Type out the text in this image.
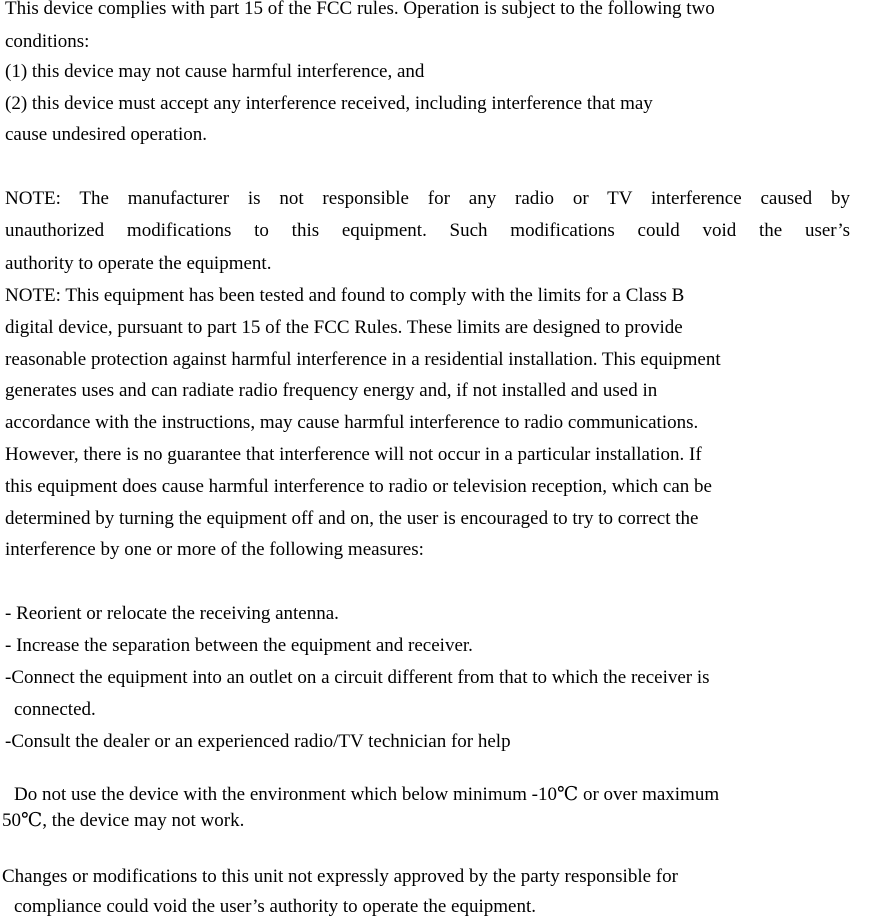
This device complies with part 15 of the FCC rules. Operation is subject to the following two
conditions:
(1) this device may not cause harmful interference, and
(2) this device must accept any interference received, including interference that may
cause undesired operation.
NOTE: The manufacturer is not responsible for any radio or TV interference caused by
unauthorized modifications to this equipment. Such modifications could void the user’s
authority to operate the equipment.
NOTE: This equipment has been tested and found to comply with the limits for a Class B
digital device, pursuant to part 15 of the FCC Rules. These limits are designed to provide
reasonable protection against harmful interference in a residential installation. This equipment
generates uses and can radiate radio frequency energy and, if not installed and used in
accordance with the instructions, may cause harmful interference to radio communications.
However, there is no guarantee that interference will not occur in a particular installation. If
this equipment does cause harmful interference to radio or television reception, which can be
determined by turning the equipment off and on, the user is encouraged to try to correct the
interference by one or more of the following measures:
- Reorient or relocate the receiving antenna.
- Increase the separation between the equipment and receiver.
-Connect the equipment into an outlet on a circuit different from that to which the receiver is
connected.
-Consult the dealer or an experienced radio/TV technician for help
Do not use the device with the environment which below minimum -10℃ or over maximum
50℃, the device may not work.
Changes or modifications to this unit not expressly approved by the party responsible for
compliance could void the user’s authority to operate the equipment.
